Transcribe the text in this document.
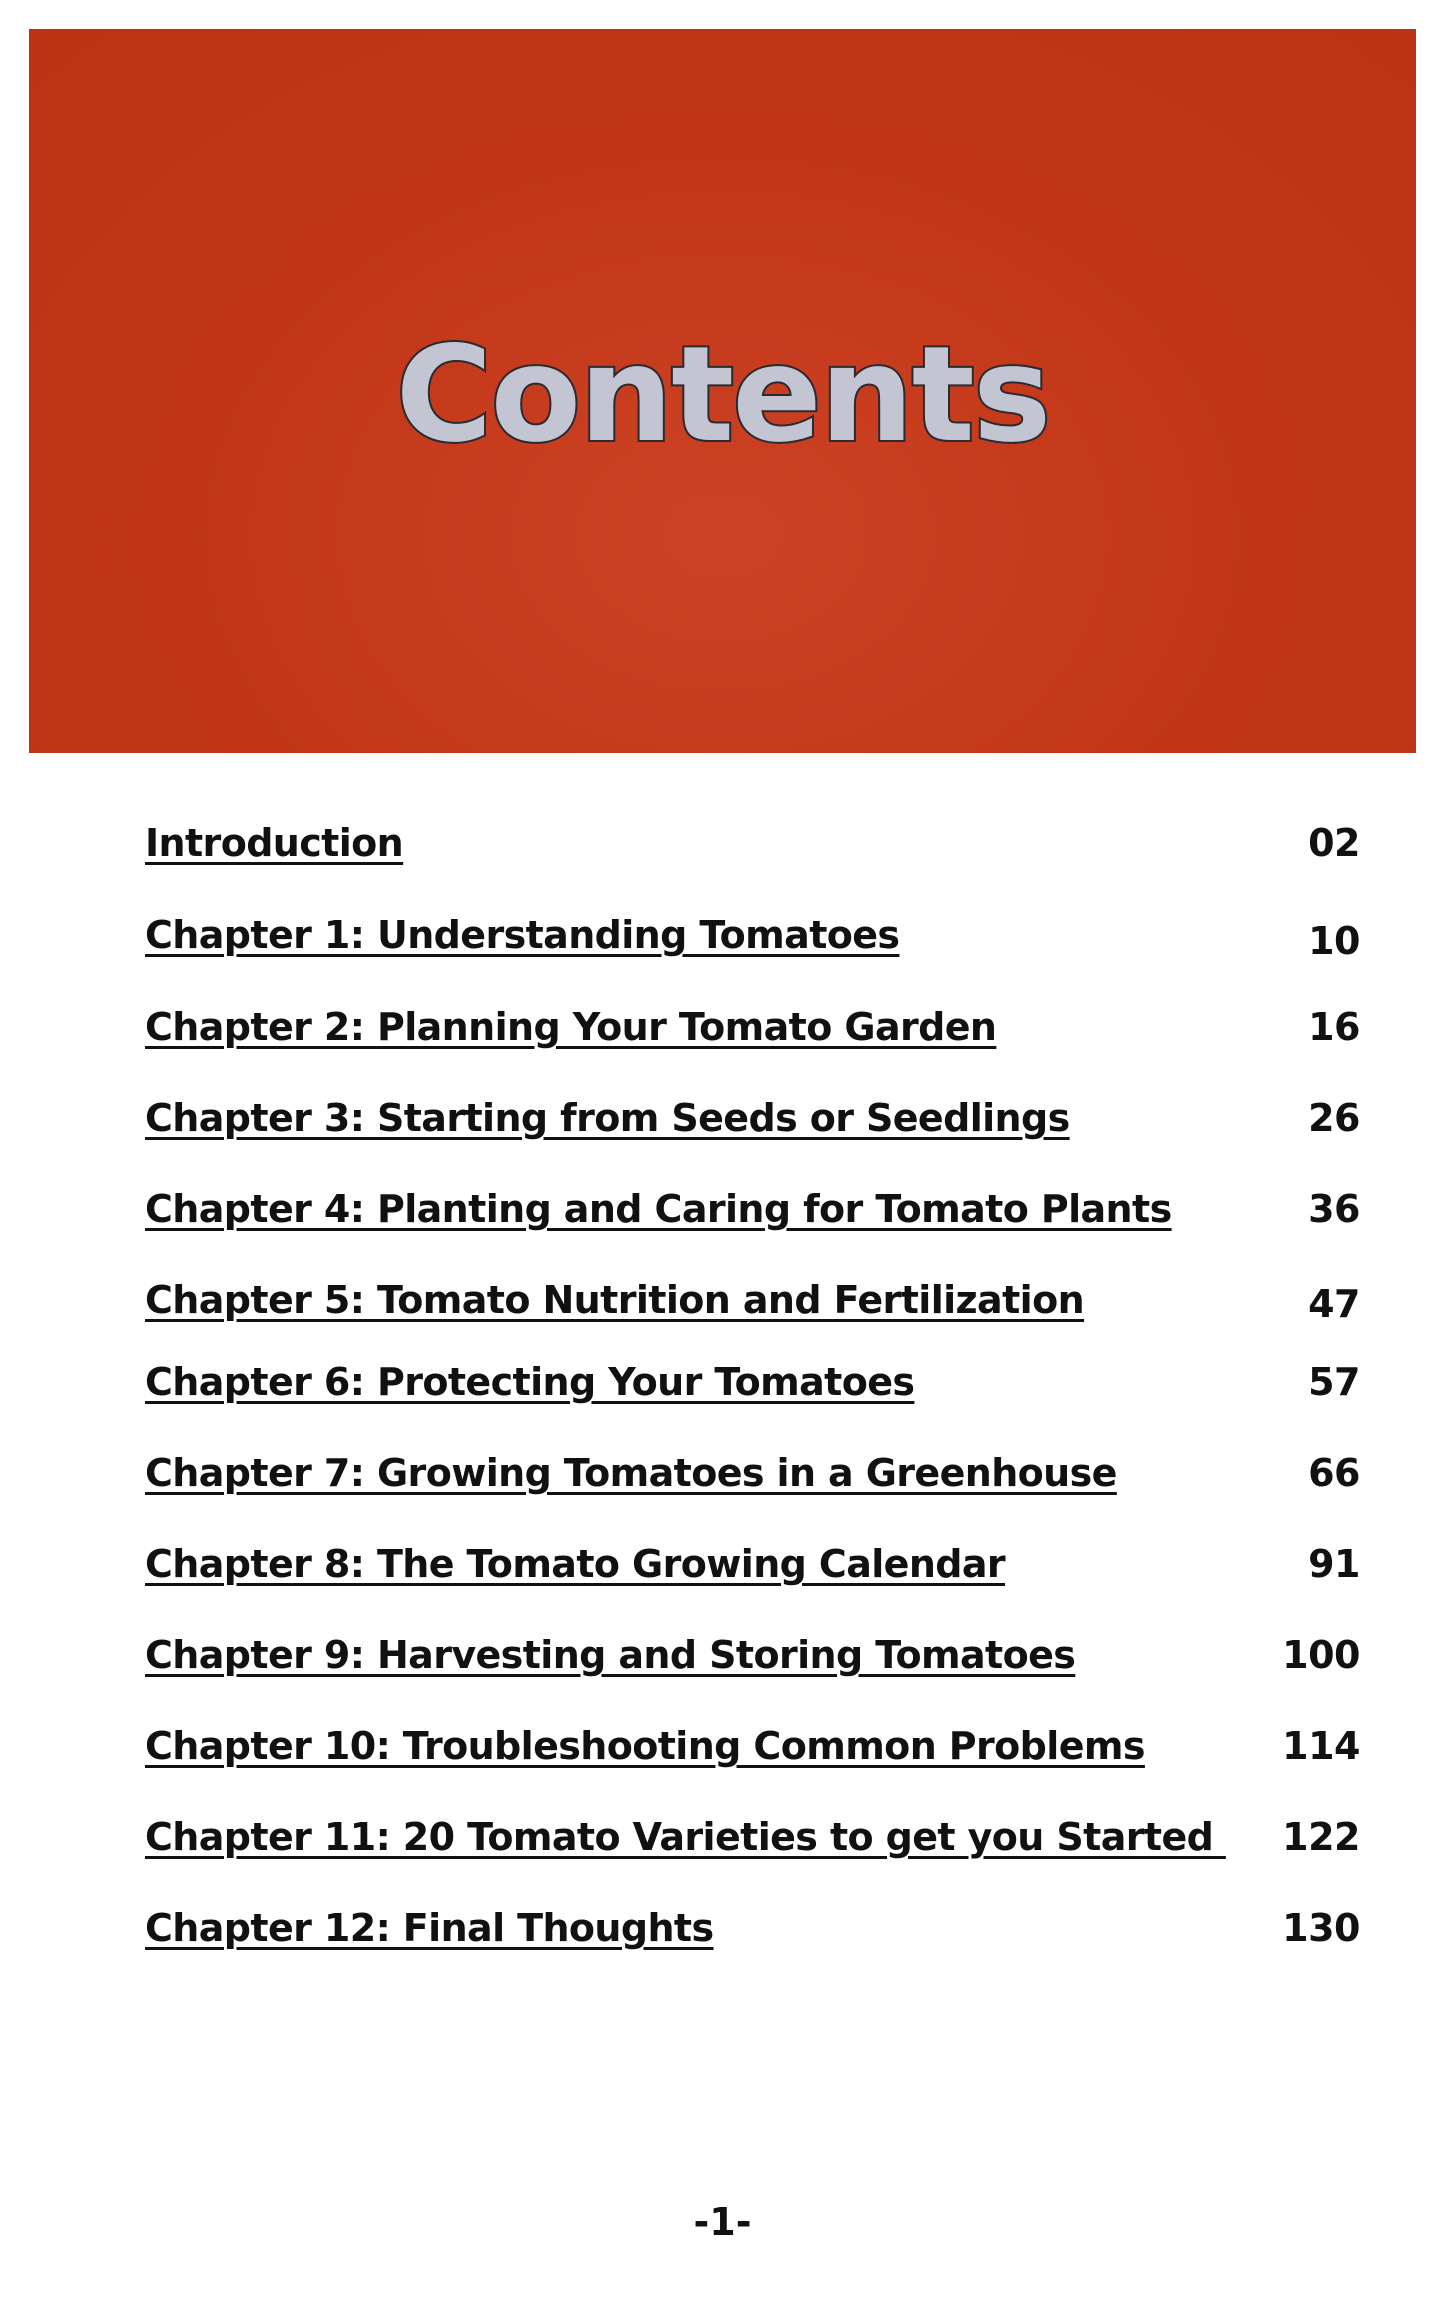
Contents
Introduction	02
Chapter 1: Understanding Tomatoes	10
Chapter 2: Planning Your Tomato Garden	16
Chapter 3: Starting from Seeds or Seedlings	26
Chapter 4: Planting and Caring for Tomato Plants	36
Chapter 5: Tomato Nutrition and Fertilization	47
Chapter 6: Protecting Your Tomatoes	57
Chapter 7: Growing Tomatoes in a Greenhouse	66
Chapter 8: The Tomato Growing Calendar	91
Chapter 9: Harvesting and Storing Tomatoes	100
Chapter 10: Troubleshooting Common Problems	114
Chapter 11: 20 Tomato Varieties to get you Started 122
Chapter 12: Final Thoughts	130
-1-
